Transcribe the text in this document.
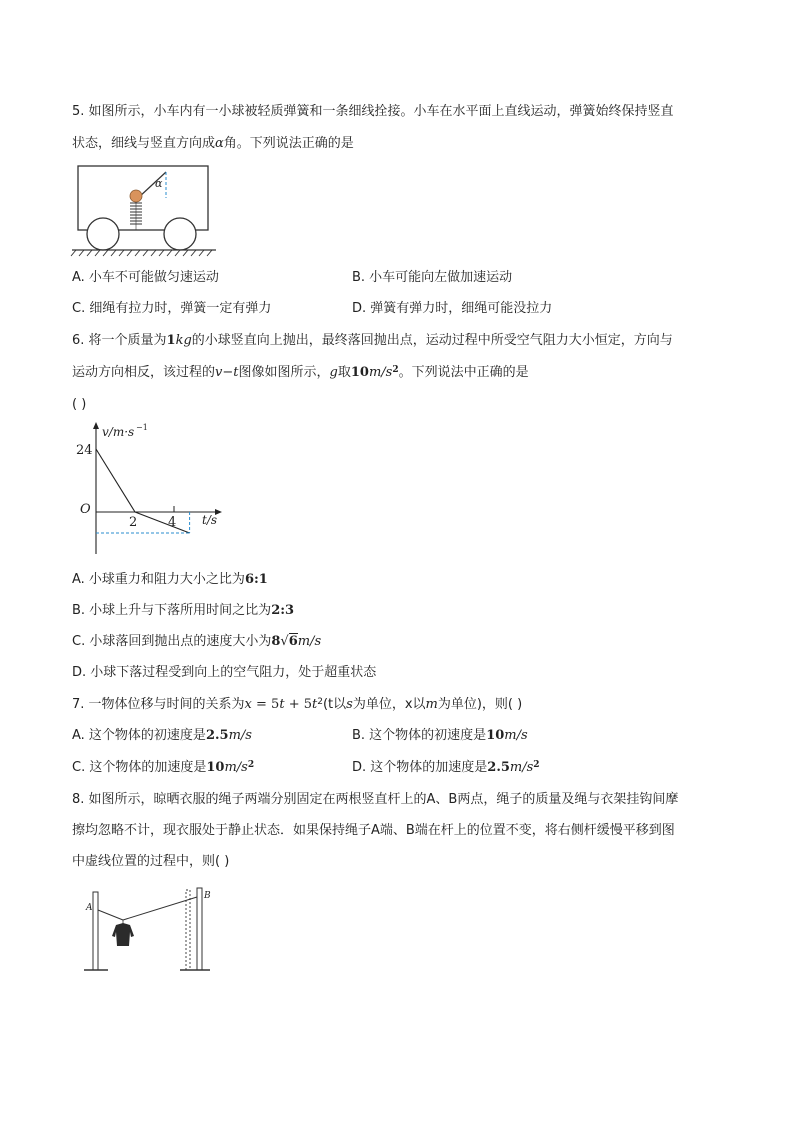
5. 如图所示，小车内有一小球被轻质弹簧和一条细线拴接。小车在水平面上直线运动，弹簧始终保持竖直
状态，细线与竖直方向成α角。下列说法正确的是
α
A. 小车不可能做匀速运动	B. 小车可能向左做加速运动
C. 细绳有拉力时，弹簧一定有弹力	D. 弹簧有弹力时，细绳可能没拉力
6. 将一个质量为1kg的小球竖直向上抛出，最终落回抛出点，运动过程中所受空气阻力大小恒定，方向与
运动方向相反，该过程的v−t图像如图所示，g取$10m/s^2$。下列说法中正确的是
( )
v/m·s −1
24
O
2 4 t/s
A. 小球重力和阻力大小之比为6:1
B. 小球上升与下落所用时间之比为2:3
C. 小球落回到抛出点的速度大小为8√6m/s
D. 小球下落过程受到向上的空气阻力，处于超重状态
7. 一物体位移与时间的关系为$x = 5t + 5t^2(t$以s为单位，x以m为单位)，则( )
A. 这个物体的初速度是2.5m/s	B. 这个物体的初速度是10m/s
C. 这个物体的加速度是$10m/s^2$	D. 这个物体的加速度是$2.5m/s^2$
8. 如图所示，晾晒衣服的绳子两端分别固定在两根竖直杆上的A、B两点，绳子的质量及绳与衣架挂钩间摩
擦均忽略不计，现衣服处于静止状态．如果保持绳子A端、B端在杆上的位置不变，将右侧杆缓慢平移到图
中虚线位置的过程中，则( )
A
B
